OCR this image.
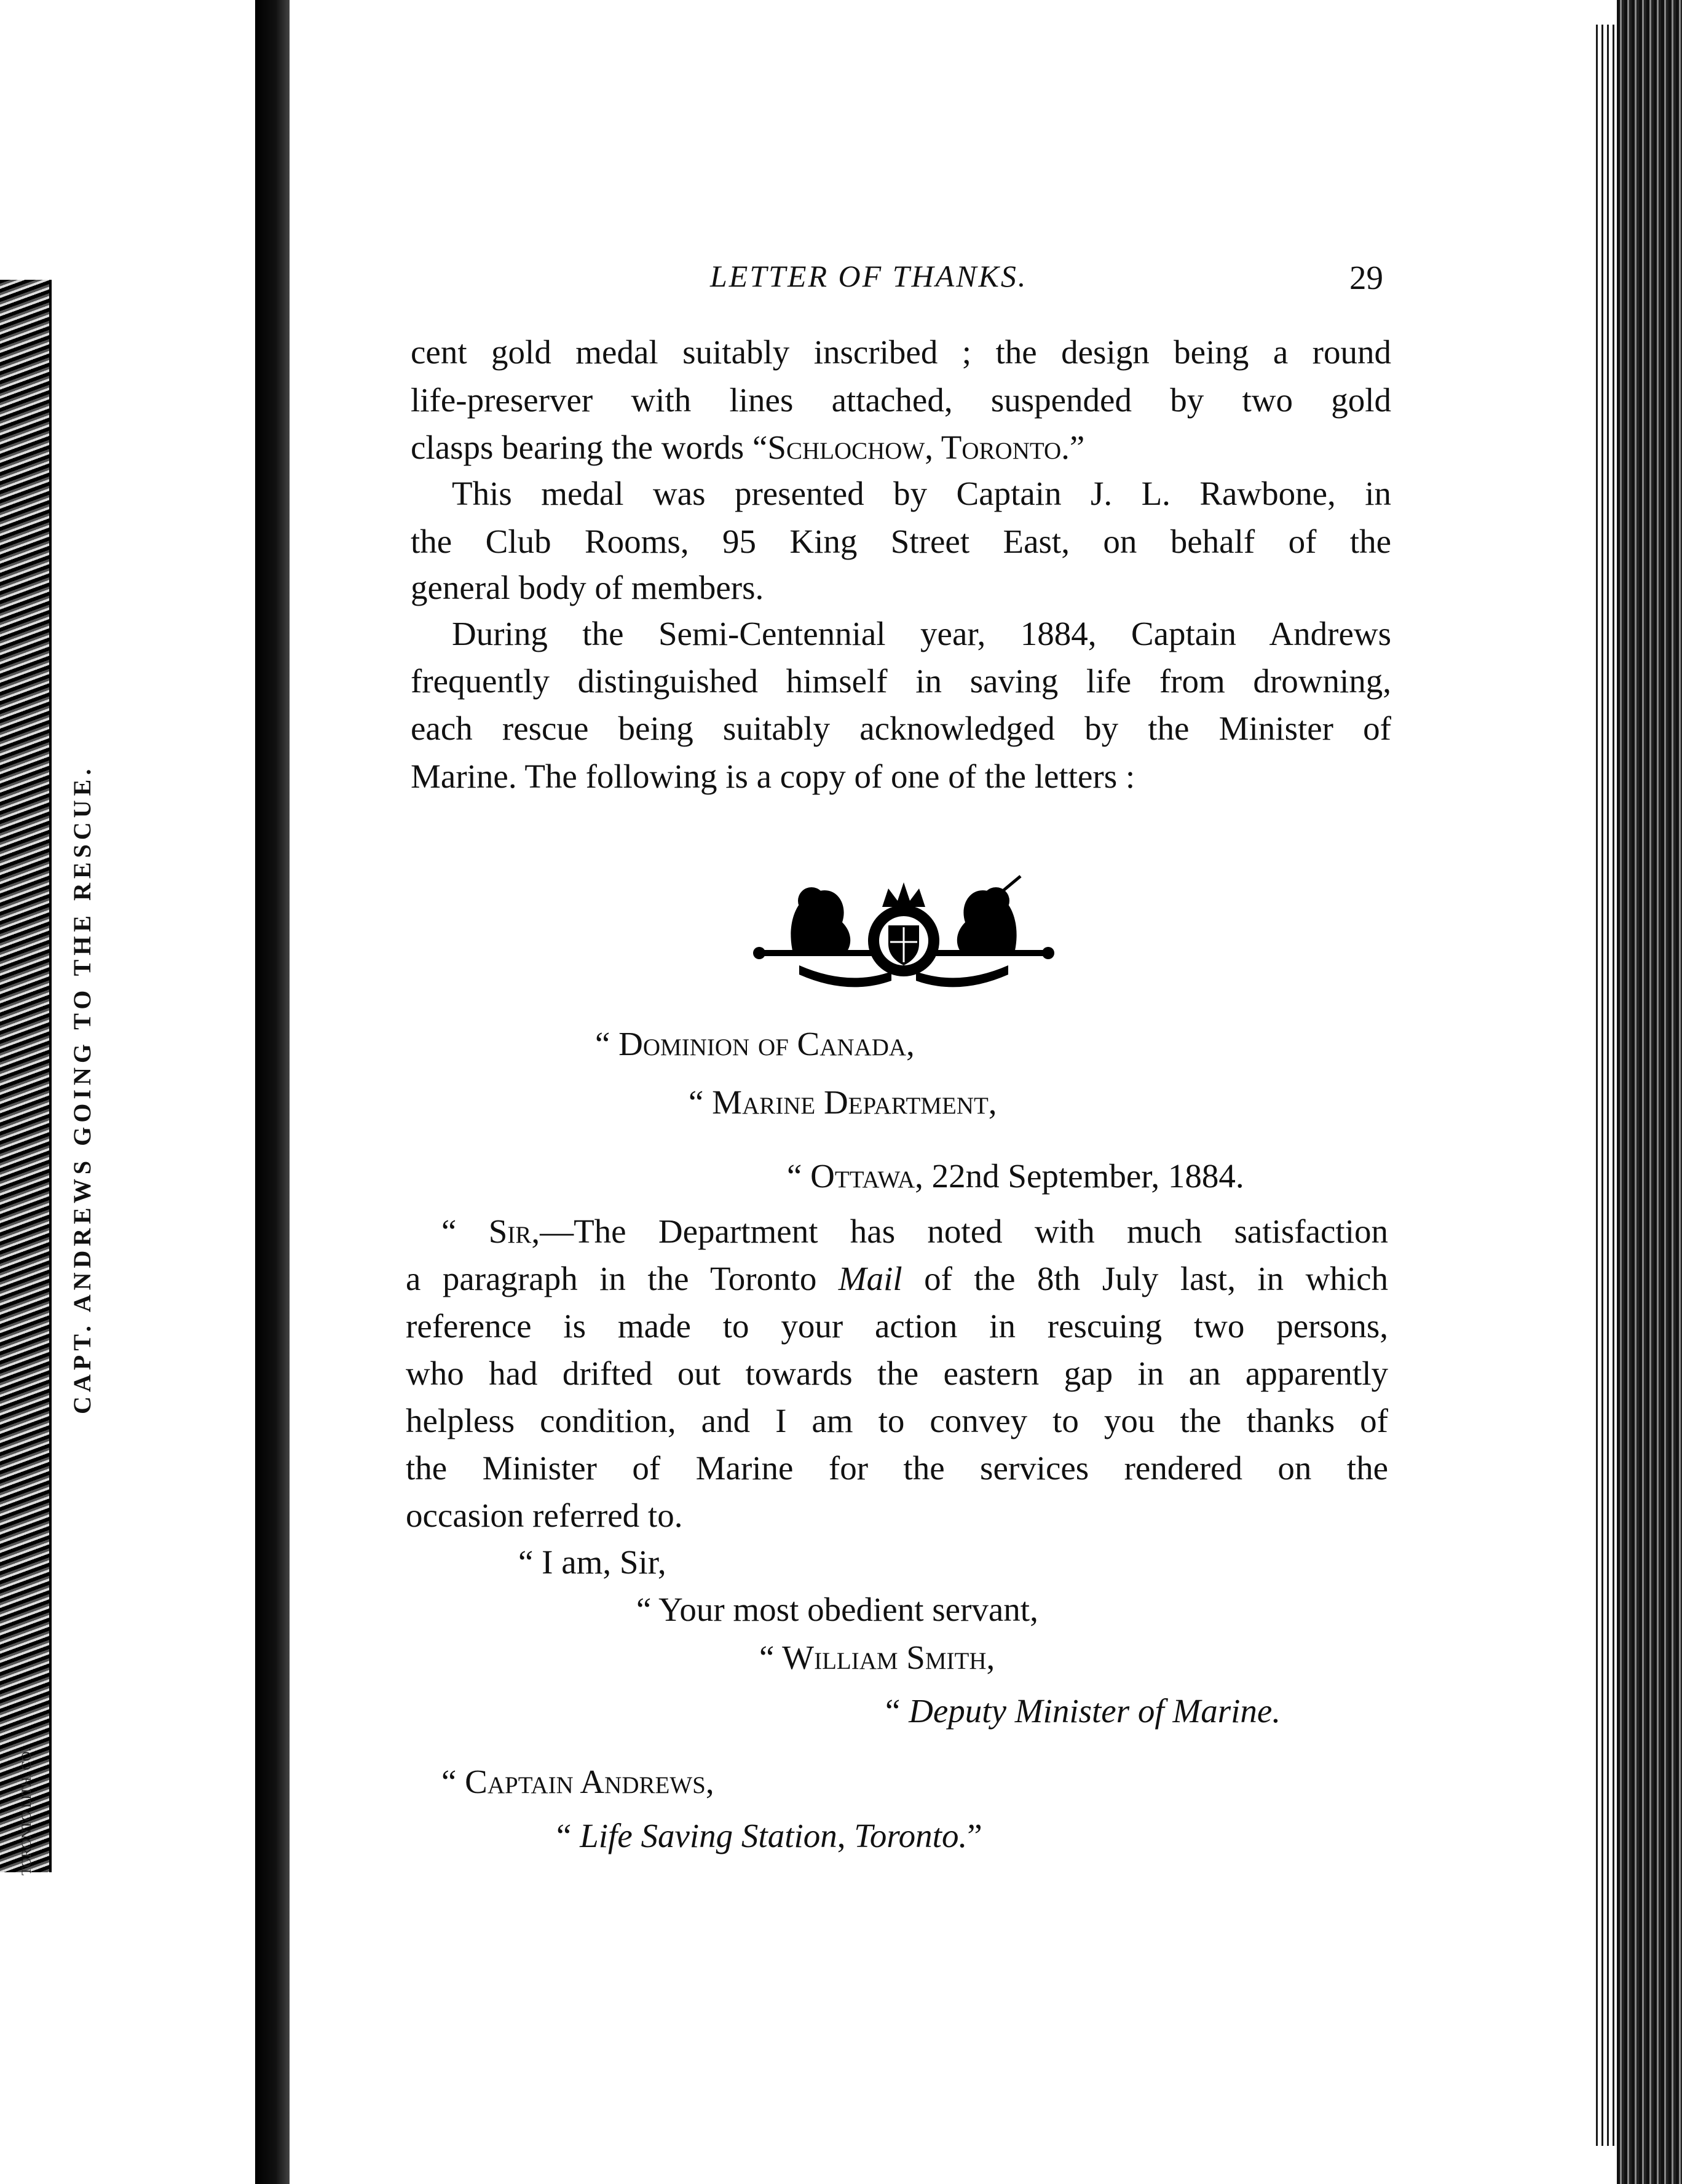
CAPT. ANDREWS GOING TO THE RESCUE.
TORONTO LITH. CO.
LETTER OF THANKS.	29
cent gold medal suitably inscribed ; the design being a round
life-preserver with lines attached, suspended by two gold
clasps bearing the words “Schlochow, Toronto.”
This medal was presented by Captain J. L. Rawbone, in
the Club Rooms, 95 King Street East, on behalf of the
general body of members.
During the Semi-Centennial year, 1884, Captain Andrews
frequently distinguished himself in saving life from drowning,
each rescue being suitably acknowledged by the Minister of
Marine. The following is a copy of one of the letters :
“ Dominion of Canada,
“ Marine Department,
“ Ottawa, 22nd September, 1884.
“ Sir,—The Department has noted with much satisfaction
a paragraph in the Toronto Mail of the 8th July last, in which
reference is made to your action in rescuing two persons,
who had drifted out towards the eastern gap in an apparently
helpless condition, and I am to convey to you the thanks of
the Minister of Marine for the services rendered on the
occasion referred to.
“ I am, Sir,
“ Your most obedient servant,
“ William Smith,
“ Deputy Minister of Marine.
“ Captain Andrews,
“ Life Saving Station, Toronto.”
